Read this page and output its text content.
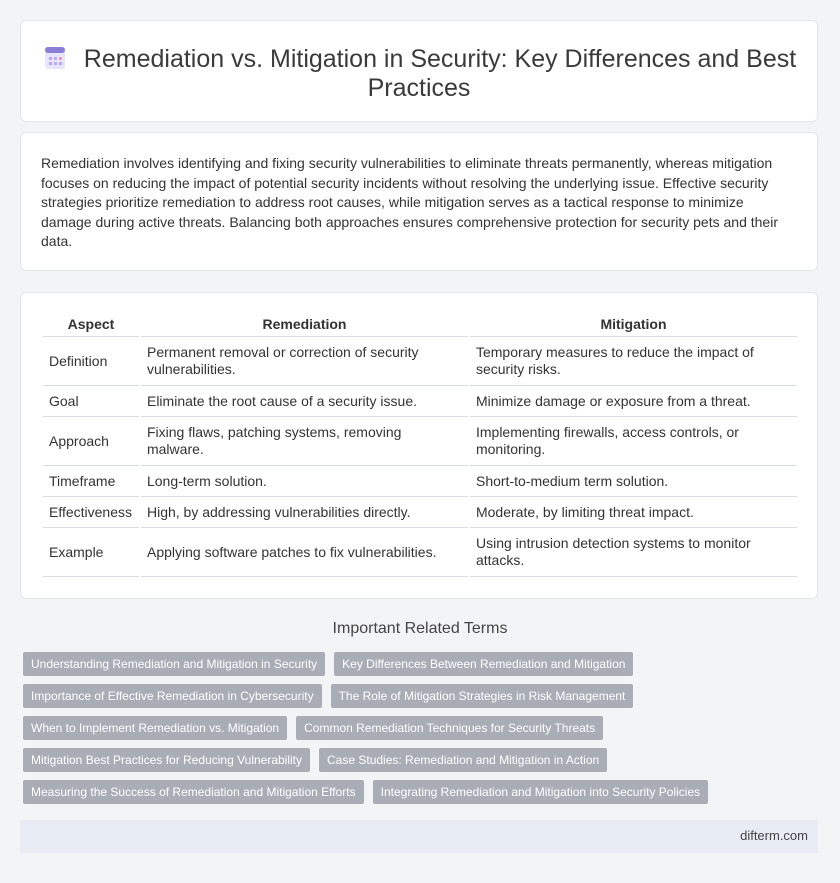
Remediation vs. Mitigation in Security: Key Differences and Best Practices

Remediation involves identifying and fixing security vulnerabilities to eliminate threats permanently, whereas mitigation focuses on reducing the impact of potential security incidents without resolving the underlying issue. Effective security strategies prioritize remediation to address root causes, while mitigation serves as a tactical response to minimize damage during active threats. Balancing both approaches ensures comprehensive protection for security pets and their data.

Aspect	Remediation	Mitigation
Definition	Permanent removal or correction of security vulnerabilities.	Temporary measures to reduce the impact of security risks.
Goal	Eliminate the root cause of a security issue.	Minimize damage or exposure from a threat.
Approach	Fixing flaws, patching systems, removing malware.	Implementing firewalls, access controls, or monitoring.
Timeframe	Long-term solution.	Short-to-medium term solution.
Effectiveness	High, by addressing vulnerabilities directly.	Moderate, by limiting threat impact.
Example	Applying software patches to fix vulnerabilities.	Using intrusion detection systems to monitor attacks.
Important Related Terms
Understanding Remediation and Mitigation in Security	Key Differences Between Remediation and Mitigation
Importance of Effective Remediation in Cybersecurity	The Role of Mitigation Strategies in Risk Management
When to Implement Remediation vs. Mitigation	Common Remediation Techniques for Security Threats
Mitigation Best Practices for Reducing Vulnerability	Case Studies: Remediation and Mitigation in Action
Measuring the Success of Remediation and Mitigation Efforts	Integrating Remediation and Mitigation into Security Policies
difterm.com
